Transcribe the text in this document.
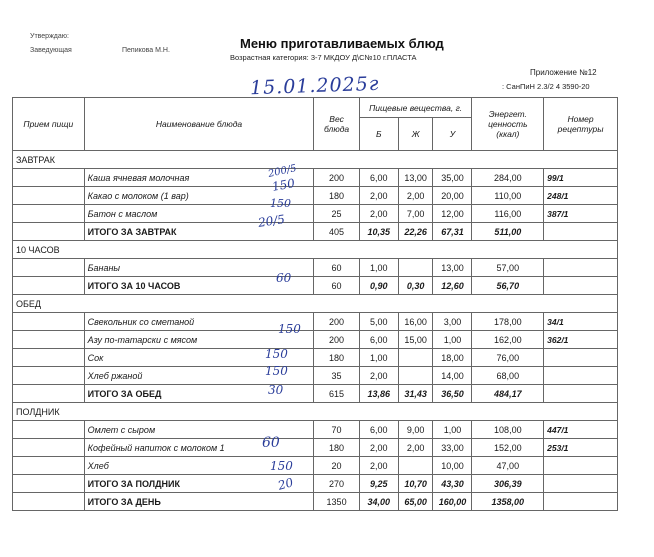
Утверждаю:
Заведующая	Пепикова М.Н.	Меню приготавливаемых блюд
Возрастная категория: 3-7 МКДОУ Д\С№10 г.ПЛАСТА
Приложение №12
: СанПиН 2.3/2 4 3590-20
15.01.2025г
Прием пищи	Наименование блюда	Вес блюда	Пищевые вещества, г.			Энергет. ценность (ккал)	Номер рецептуры
			Б	Ж	У		
ЗАВТРАК							
	Каша ячневая молочная	200	6,00	13,00	35,00	284,00	99/1
	Какао с молоком (1 вар)	180	2,00	2,00	20,00	110,00	248/1
	Батон с маслом	25	2,00	7,00	12,00	116,00	387/1
	ИТОГО ЗА ЗАВТРАК	405	10,35	22,26	67,31	511,00	
10 ЧАСОВ							
	Бананы	60	1,00		13,00	57,00	
	ИТОГО ЗА 10 ЧАСОВ	60	0,90	0,30	12,60	56,70	
ОБЕД							
	Свекольник со сметаной	200	5,00	16,00	3,00	178,00	34/1
	Азу по-татарски с мясом	200	6,00	15,00	1,00	162,00	362/1
	Сок	180	1,00		18,00	76,00	
	Хлеб ржаной	35	2,00		14,00	68,00	
	ИТОГО ЗА ОБЕД	615	13,86	31,43	36,50	484,17	
ПОЛДНИК							
	Омлет с сыром	70	6,00	9,00	1,00	108,00	447/1
	Кофейный напиток с молоком 1	180	2,00	2,00	33,00	152,00	253/1
	Хлеб	20	2,00		10,00	47,00	
	ИТОГО ЗА ПОЛДНИК	270	9,25	10,70	43,30	306,39	
	ИТОГО ЗА ДЕНЬ	1350	34,00	65,00	160,00	1358,00	
200/5
150
150
20/5
60
150
150
150
30
60
150
20
